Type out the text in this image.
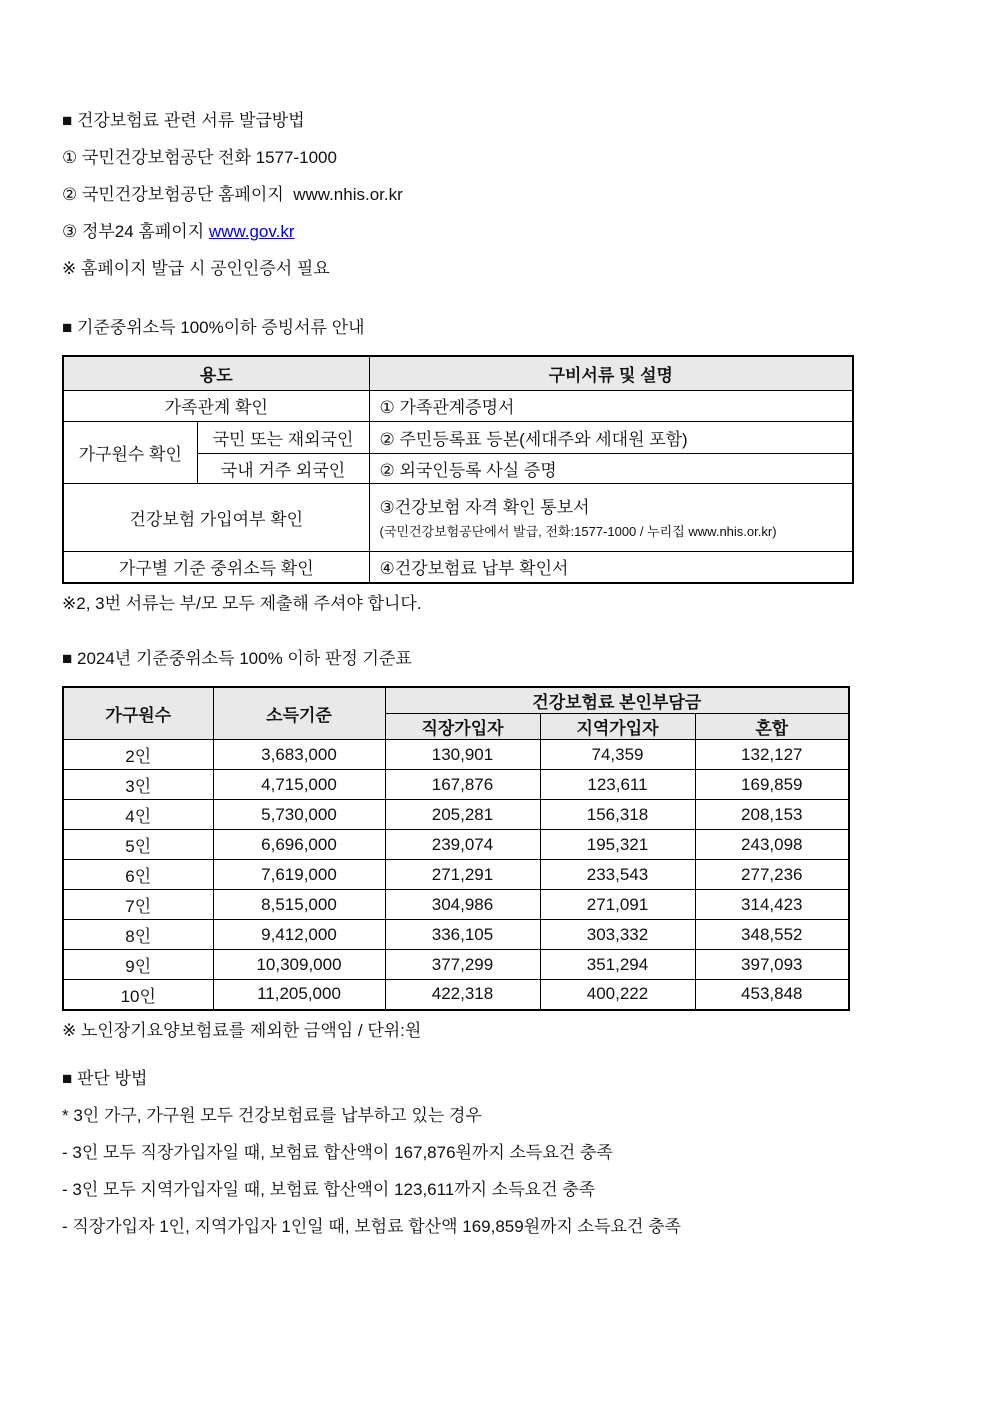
■ 건강보험료 관련 서류 발급방법

① 국민건강보험공단 전화 1577-1000

② 국민건강보험공단 홈페이지  www.nhis.or.kr

③ 정부24 홈페이지 www.gov.kr

※ 홈페이지 발급 시 공인인증서 필요

■ 기준중위소득 100%이하 증빙서류 안내
용도		구비서류 및 설명
가족관계 확인		① 가족관계증명서
가구원수 확인	국민 또는 재외국인	② 주민등록표 등본(세대주와 세대원 포함)
	국내 거주 외국인	② 외국인등록 사실 증명
건강보험 가입여부 확인		③건강보험 자격 확인 통보서
(국민건강보험공단에서 발급, 전화:1577-1000 / 누리집 www.nhis.or.kr)

가구별 기준 중위소득 확인		④건강보험료 납부 확인서

※2, 3번 서류는 부/모 모두 제출해 주셔야 합니다.

■ 2024년 기준중위소득 100% 이하 판정 기준표
가구원수	소득기준	건강보험료 본인부담금		
		직장가입자	지역가입자	혼합
2인	3,683,000	130,901	74,359	132,127
3인	4,715,000	167,876	123,611	169,859
4인	5,730,000	205,281	156,318	208,153
5인	6,696,000	239,074	195,321	243,098
6인	7,619,000	271,291	233,543	277,236
7인	8,515,000	304,986	271,091	314,423
8인	9,412,000	336,105	303,332	348,552
9인	10,309,000	377,299	351,294	397,093
10인	11,205,000	422,318	400,222	453,848

※ 노인장기요양보험료를 제외한 금액임 / 단위:원

■ 판단 방법

* 3인 가구, 가구원 모두 건강보험료를 납부하고 있는 경우

- 3인 모두 직장가입자일 때, 보험료 합산액이 167,876원까지 소득요건 충족

- 3인 모두 지역가입자일 때, 보험료 합산액이 123,611까지 소득요건 충족

- 직장가입자 1인, 지역가입자 1인일 때, 보험료 합산액 169,859원까지 소득요건 충족
